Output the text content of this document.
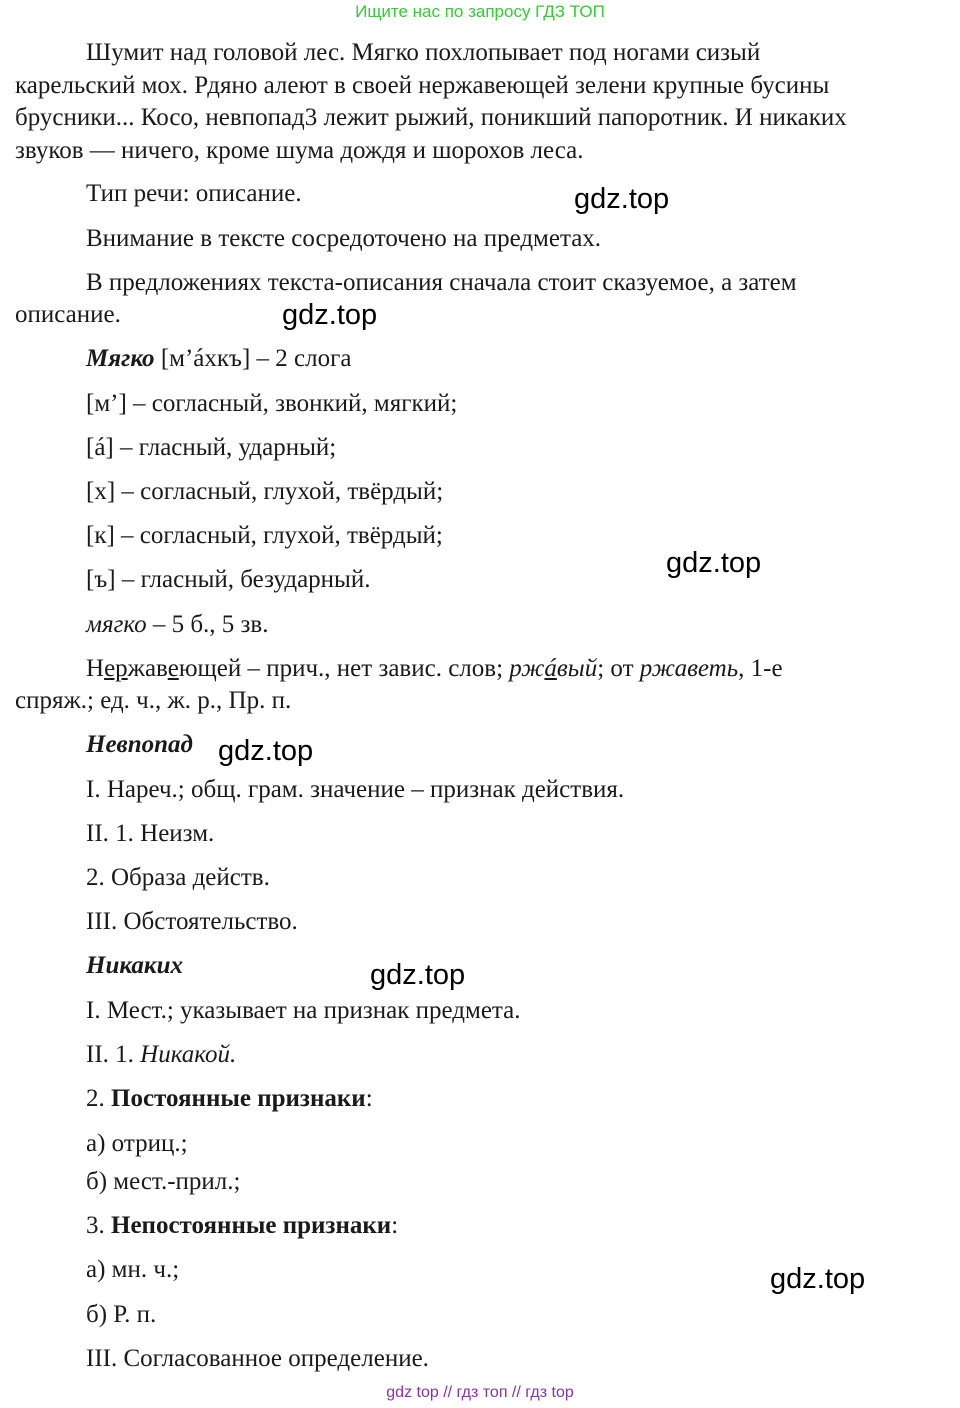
Ищите нас по запросу ГДЗ ТОП
Шумит над головой лес. Мягко похлопывает под ногами сизый
карельский мох. Рдяно алеют в своей нержавеющей зелени крупные бусины
брусники... Косо, невпопад3 лежит рыжий, поникший папоротник. И никаких
звуков — ничего, кроме шума дождя и шорохов леса.
Тип речи: описание.
Внимание в тексте сосредоточено на предметах.
В предложениях текста-описания сначала стоит сказуемое, а затем
описание.
Мягко [м’áхкъ] – 2 слога
[м’] – согласный, звонкий, мягкий;
[á] – гласный, ударный;
[х] – согласный, глухой, твёрдый;
[к] – согласный, глухой, твёрдый;
[ъ] – гласный, безударный.
мягко – 5 б., 5 зв.
Нержавеющей – прич., нет завис. слов; ржáвый; от ржаветь, 1-е
спряж.; ед. ч., ж. р., Пр. п.
Невпопад
I. Нареч.; общ. грам. значение – признак действия.
II. 1. Неизм.
2. Образа действ.
III. Обстоятельство.
Никаких
I. Мест.; указывает на признак предмета.
II. 1. Никакой.
2. Постоянные признаки:
а) отриц.;
б) мест.-прил.;
3. Непостоянные признаки:
а) мн. ч.;
б) Р. п.
III. Согласованное определение.
gdz.top
gdz.top
gdz.top
gdz.top
gdz.top
gdz.top
gdz top // гдз топ // гдз top
